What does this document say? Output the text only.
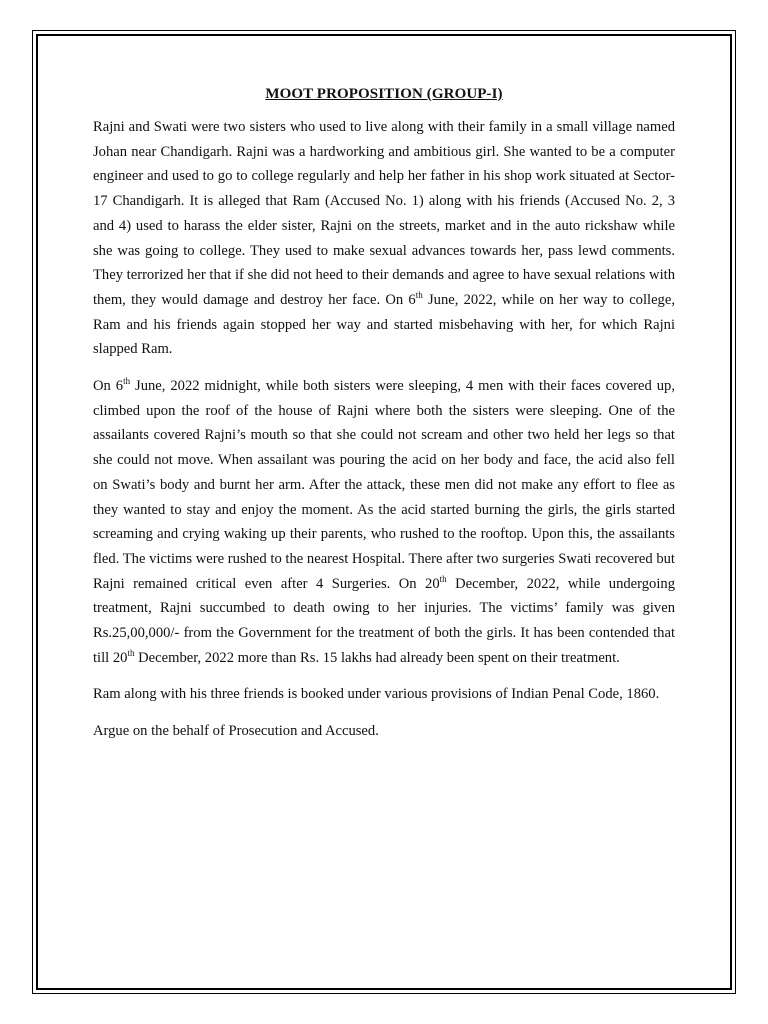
MOOT PROPOSITION (GROUP-I)

Rajni and Swati were two sisters who used to live along with their family in a small village named Johan near Chandigarh. Rajni was a hardworking and ambitious girl. She wanted to be a computer engineer and used to go to college regularly and help her father in his shop work situated at Sector-17 Chandigarh. It is alleged that Ram (Accused No. 1) along with his friends (Accused No. 2, 3 and 4) used to harass the elder sister, Rajni on the streets, market and in the auto rickshaw while she was going to college. They used to make sexual advances towards her, pass lewd comments. They terrorized her that if she did not heed to their demands and agree to have sexual relations with them, they would damage and destroy her face. On 6th June, 2022, while on her way to college, Ram and his friends again stopped her way and started misbehaving with her, for which Rajni slapped Ram.

On 6th June, 2022 midnight, while both sisters were sleeping, 4 men with their faces covered up, climbed upon the roof of the house of Rajni where both the sisters were sleeping. One of the assailants covered Rajni’s mouth so that she could not scream and other two held her legs so that she could not move. When assailant was pouring the acid on her body and face, the acid also fell on Swati’s body and burnt her arm. After the attack, these men did not make any effort to flee as they wanted to stay and enjoy the moment. As the acid started burning the girls, the girls started screaming and crying waking up their parents, who rushed to the rooftop. Upon this, the assailants fled. The victims were rushed to the nearest Hospital. There after two surgeries Swati recovered but Rajni remained critical even after 4 Surgeries. On 20th December, 2022, while undergoing treatment, Rajni succumbed to death owing to her injuries. The victims’ family was given Rs.25,00,000/- from the Government for the treatment of both the girls. It has been contended that till 20th December, 2022 more than Rs. 15 lakhs had already been spent on their treatment.

Ram along with his three friends is booked under various provisions of Indian Penal Code, 1860.

Argue on the behalf of Prosecution and Accused.
